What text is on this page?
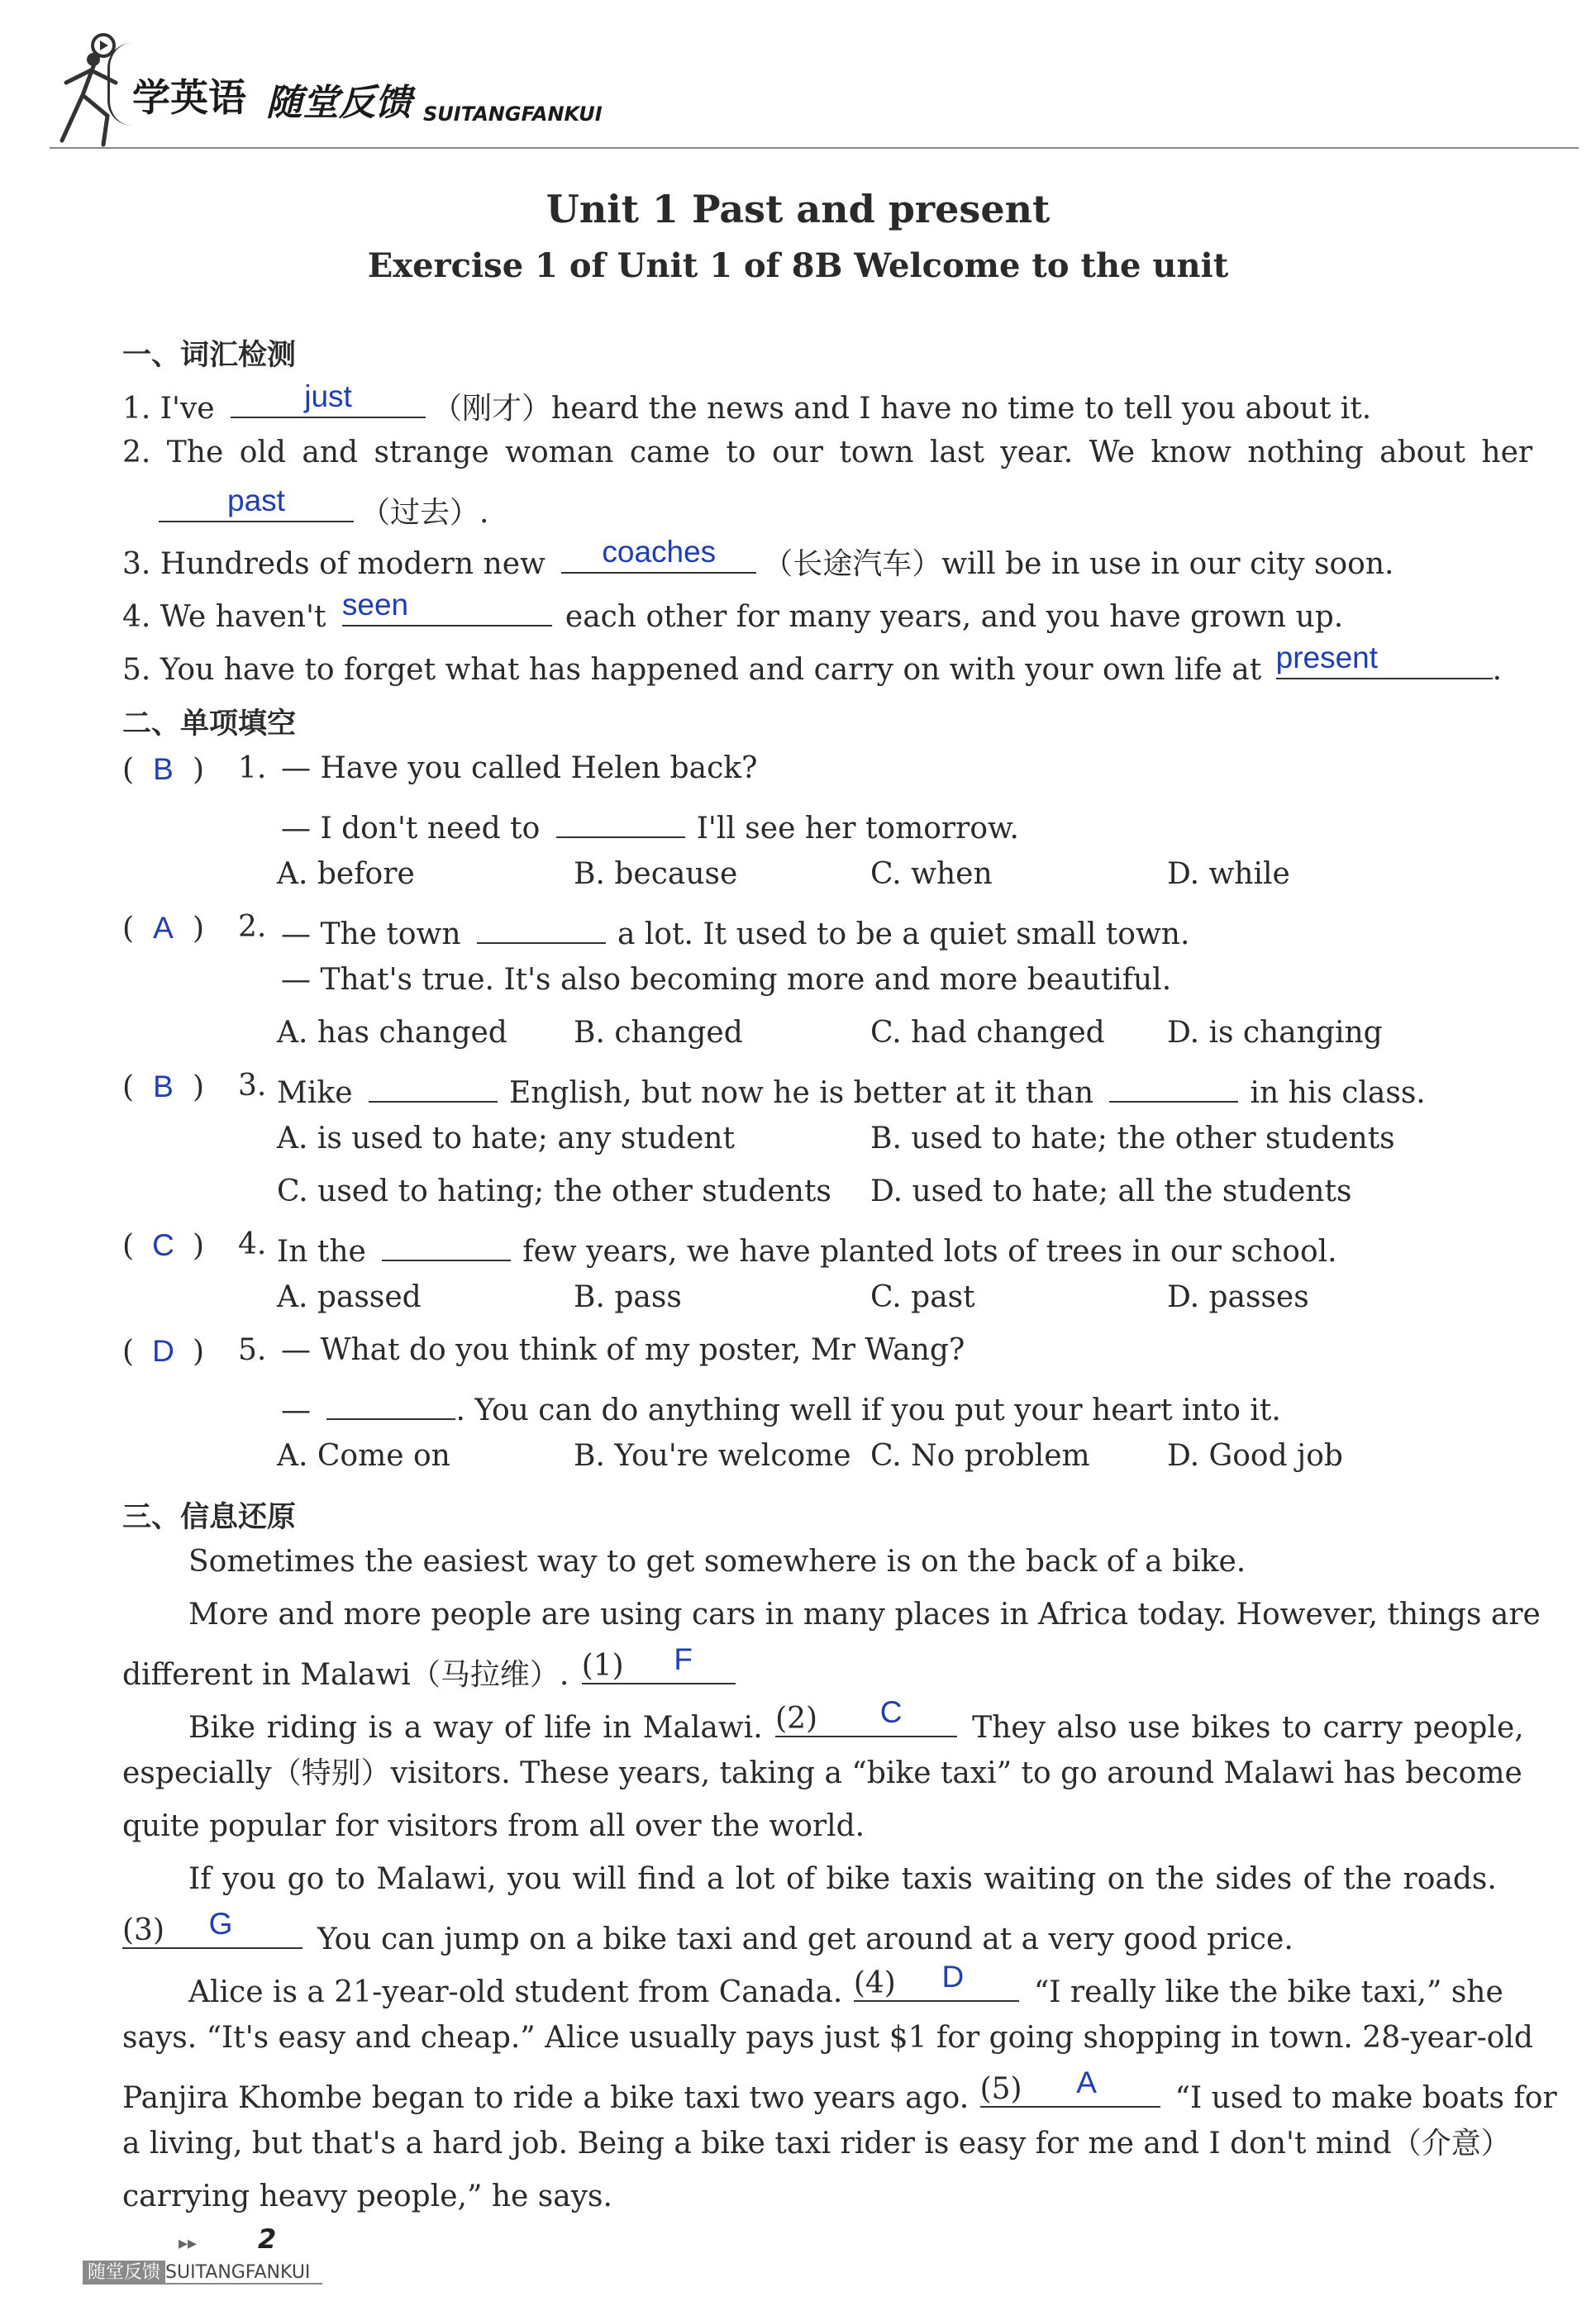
学英语 随堂反馈 SUITANGFANKUI
Unit 1 Past and present
Exercise 1 of Unit 1 of 8B Welcome to the unit
一、词汇检测
1. I've	just	（刚才）heard the news and I have no time to tell you about it.
2. The old and strange woman came to our town last year. We know nothing about her
past	（过去）.
3. Hundreds of modern new	coaches	（长途汽车）will be in use in our city soon.
4. We haven't seen	each other for many years, and you have grown up.
5. You have to forget what has happened and carry on with your own life at present	.
二、单项填空
( B ) 1. — Have you called Helen back?
— I don't need to	I'll see her tomorrow.
A. before	B. because	C. when	D. while
( A ) 2. — The town	a lot. It used to be a quiet small town.
— That's true. It's also becoming more and more beautiful.
A. has changed B. changed	C. had changed D. is changing
( B ) 3. Mike	English, but now he is better at it than	in his class.
A. is used to hate; any student	B. used to hate; the other students
C. used to hating; the other students D. used to hate; all the students
( C ) 4. In the	few years, we have planted lots of trees in our school.
A. passed	B. pass	C. past	D. passes
( D ) 5. — What do you think of my poster, Mr Wang?
—	. You can do anything well if you put your heart into it.
A. Come on	B. You're welcome C. No problem	D. Good job
三、信息还原
Sometimes the easiest way to get somewhere is on the back of a bike.
More and more people are using cars in many places in Africa today. However, things are
different in Malawi（马拉维）. (1)	F
Bike riding is a way of life in Malawi. (2)	C	They also use bikes to carry people,
especially（特别）visitors. These years, taking a “bike taxi” to go around Malawi has become
quite popular for visitors from all over the world.
If you go to Malawi, you will find a lot of bike taxis waiting on the sides of the roads.
(3)	G	You can jump on a bike taxi and get around at a very good price.
Alice is a 21-year-old student from Canada. (4)	D	“I really like the bike taxi,” she
says. “It's easy and cheap.” Alice usually pays just $1 for going shopping in town. 28-year-old
Panjira Khombe began to ride a bike taxi two years ago. (5)	A	“I used to make boats for
a living, but that's a hard job. Being a bike taxi rider is easy for me and I don't mind（介意）
carrying heavy people,” he says.
▸▸ 2
随堂反馈 SUITANGFANKUI
